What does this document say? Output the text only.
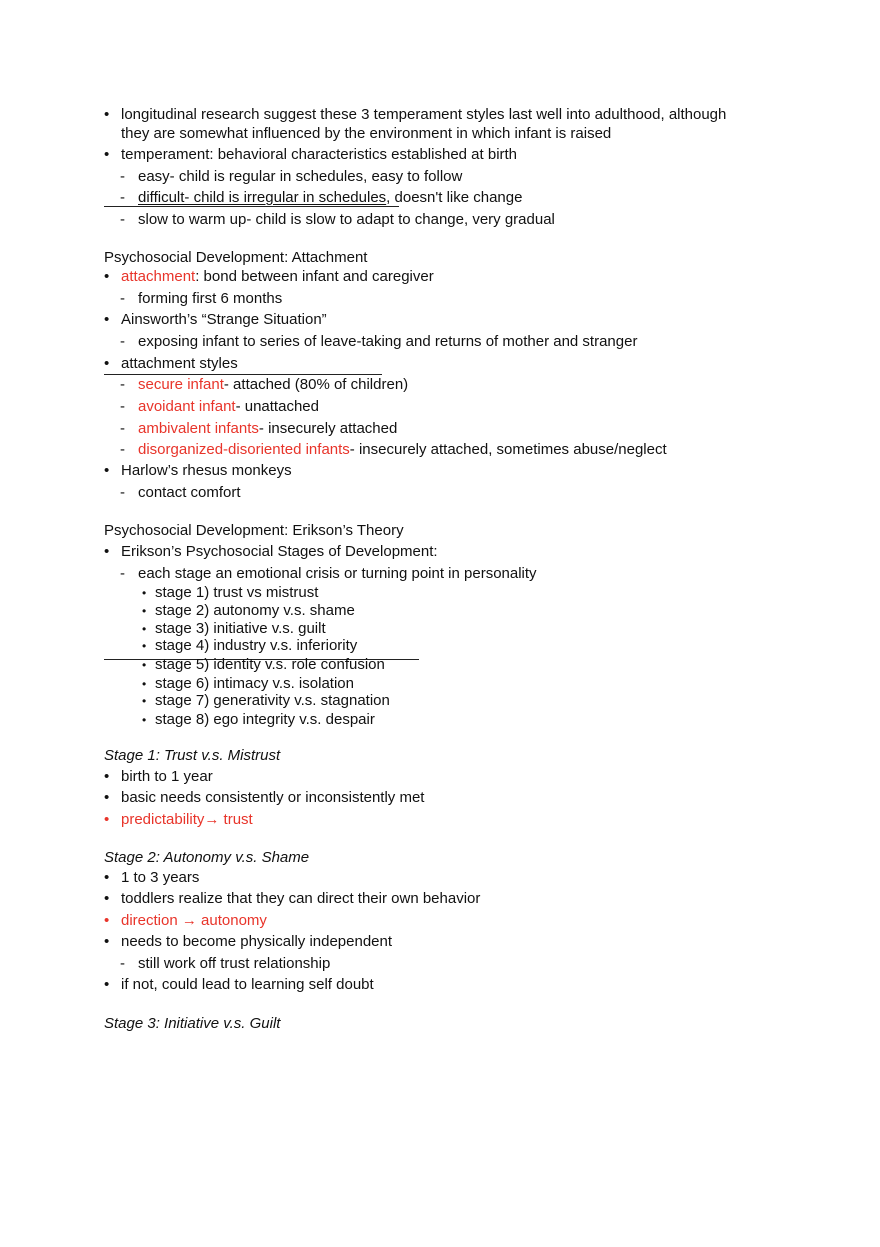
• longitudinal research suggest these 3 temperament styles last well into adulthood, although
they are somewhat influenced by the environment in which infant is raised
• temperament: behavioral characteristics established at birth
- easy- child is regular in schedules, easy to follow
- difficult- child is irregular in schedules, doesn't like change
- slow to warm up- child is slow to adapt to change, very gradual
Psychosocial Development: Attachment
• attachment: bond between infant and caregiver
- forming first 6 months
• Ainsworth’s “Strange Situation”
- exposing infant to series of leave-taking and returns of mother and stranger
• attachment styles
- secure infant- attached (80% of children)
- avoidant infant- unattached
- ambivalent infants- insecurely attached
- disorganized-disoriented infants- insecurely attached, sometimes abuse/neglect
• Harlow’s rhesus monkeys
- contact comfort
Psychosocial Development: Erikson’s Theory
• Erikson’s Psychosocial Stages of Development:
- each stage an emotional crisis or turning point in personality
• stage 1) trust vs mistrust
• stage 2) autonomy v.s. shame
• stage 3) initiative v.s. guilt
• stage 4) industry v.s. inferiority
• stage 5) identity v.s. role confusion
• stage 6) intimacy v.s. isolation
• stage 7) generativity v.s. stagnation
• stage 8) ego integrity v.s. despair
Stage 1: Trust v.s. Mistrust
• birth to 1 year
• basic needs consistently or inconsistently met
• predictability→ trust
Stage 2: Autonomy v.s. Shame
• 1 to 3 years
• toddlers realize that they can direct their own behavior
• direction → autonomy
• needs to become physically independent
- still work off trust relationship
• if not, could lead to learning self doubt
Stage 3: Initiative v.s. Guilt
